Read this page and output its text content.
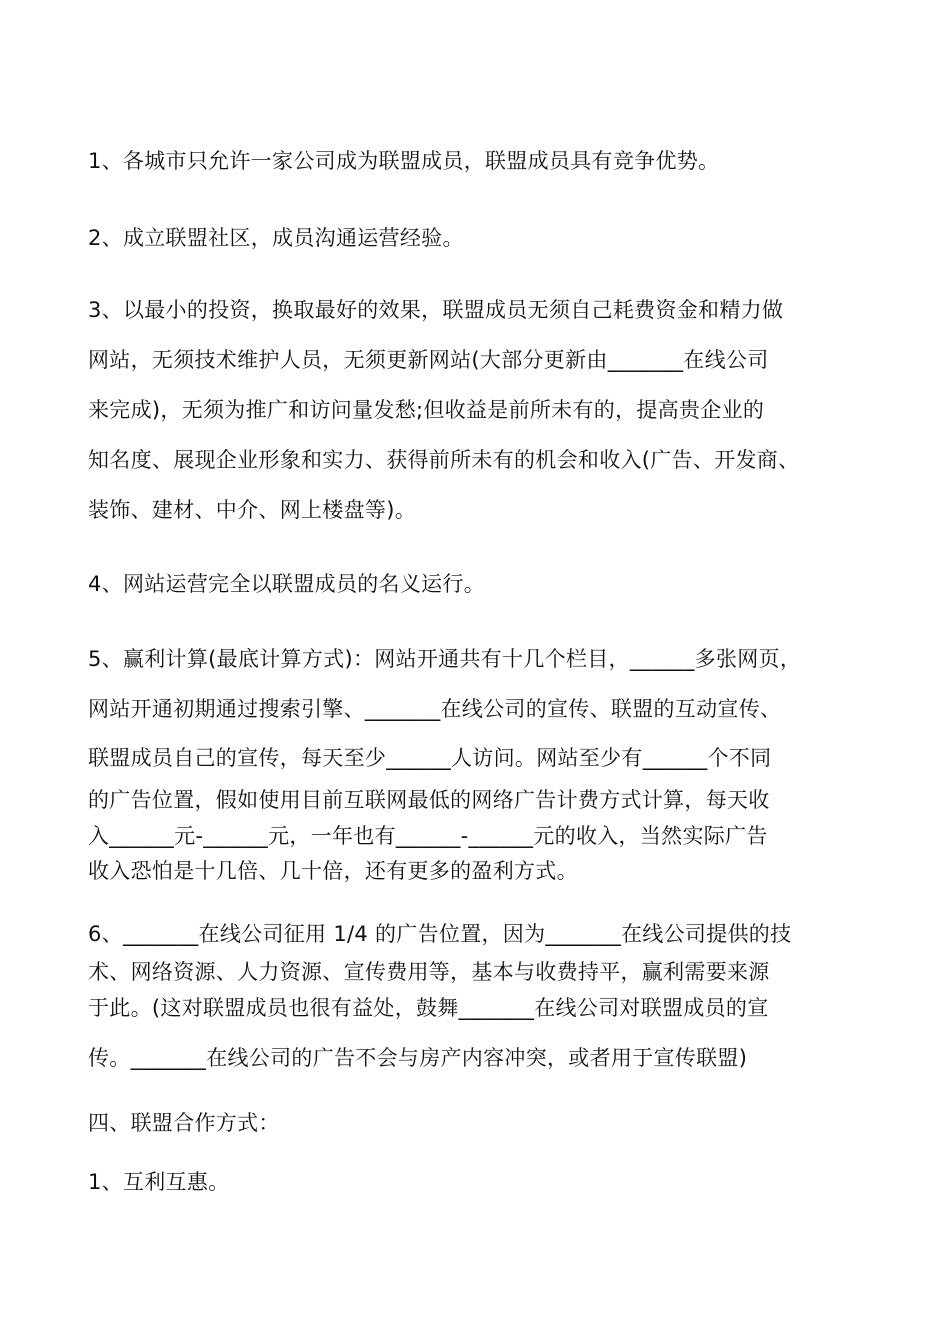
1、各城市只允许一家公司成为联盟成员，联盟成员具有竞争优势。
2、成立联盟社区，成员沟通运营经验。
3、以最小的投资，换取最好的效果，联盟成员无须自己耗费资金和精力做
网站，无须技术维护人员，无须更新网站(大部分更新由_______在线公司
来完成)，无须为推广和访问量发愁;但收益是前所未有的，提高贵企业的
知名度、展现企业形象和实力、获得前所未有的机会和收入(广告、开发商、
装饰、建材、中介、网上楼盘等)。
4、网站运营完全以联盟成员的名义运行。
5、赢利计算(最底计算方式)：网站开通共有十几个栏目，______多张网页，
网站开通初期通过搜索引擎、_______在线公司的宣传、联盟的互动宣传、
联盟成员自己的宣传，每天至少______人访问。网站至少有______个不同
的广告位置，假如使用目前互联网最低的网络广告计费方式计算，每天收
入______元-______元，一年也有______-______元的收入，当然实际广告
收入恐怕是十几倍、几十倍，还有更多的盈利方式。
6、_______在线公司征用 1/4 的广告位置，因为_______在线公司提供的技
术、网络资源、人力资源、宣传费用等，基本与收费持平，赢利需要来源
于此。(这对联盟成员也很有益处，鼓舞_______在线公司对联盟成员的宣
传。_______在线公司的广告不会与房产内容冲突，或者用于宣传联盟)
四、联盟合作方式：
1、互利互惠。
